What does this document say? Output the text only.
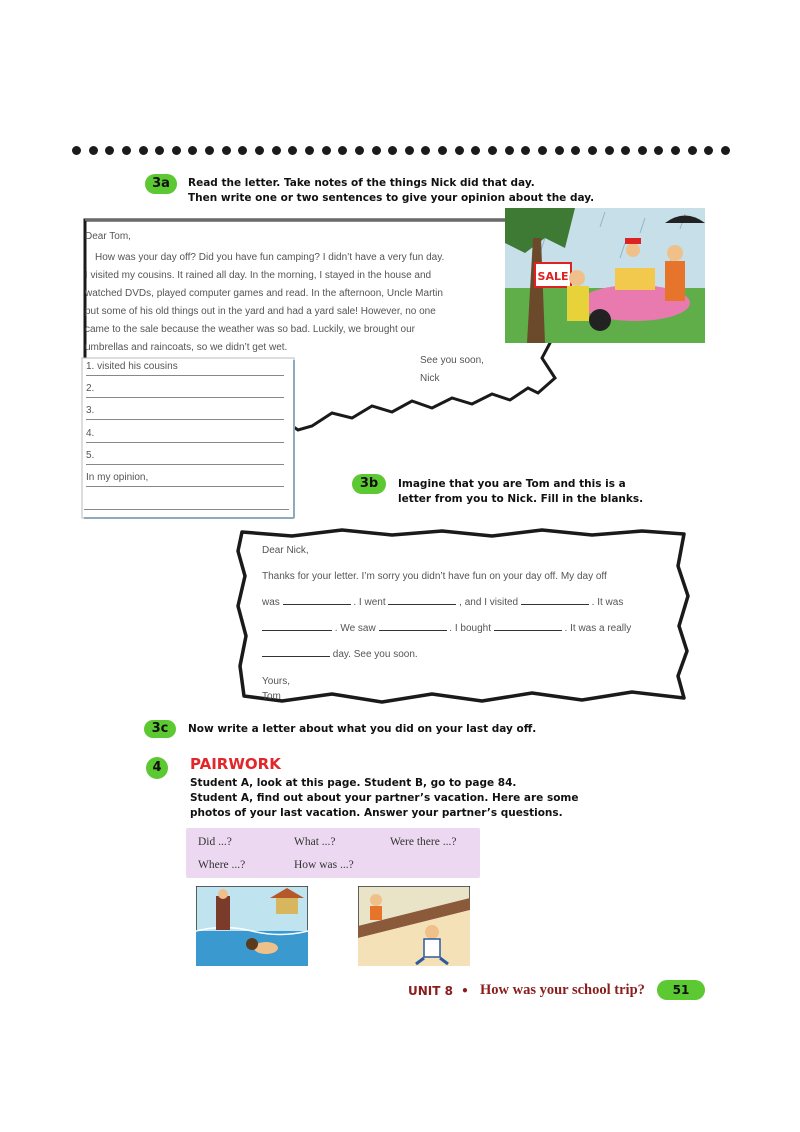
3a	Read the letter. Take notes of the things Nick did that day.
Then write one or two sentences to give your opinion about the day.
Dear Tom,
How was your day off? Did you have fun camping? I didn’t have a very fun day.
I visited my cousins. It rained all day. In the morning, I stayed in the house and
watched DVDs, played computer games and read. In the afternoon, Uncle Martin
put some of his old things out in the yard and had a yard sale! However, no one
came to the sale because the weather was so bad. Luckily, we brought our
umbrellas and raincoats, so we didn’t get wet.
See you soon,
Nick
SALE
1. visited his cousins
2.
3.
4.
5.
In my opinion,	3b	Imagine that you are Tom and this is a
letter from you to Nick. Fill in the blanks.
Dear Nick,
Thanks for your letter. I’m sorry you didn’t have fun on your day off. My day off
was	. I went	, and I visited	. It was
. We saw	. I bought	. It was a really
day. See you soon.
Yours,
Tom
3c	Now write a letter about what you did on your last day off.
4	PAIRWORK
Student A, look at this page. Student B, go to page 84.
Student A, find out about your partner’s vacation. Here are some
photos of your last vacation. Answer your partner’s questions.
Did ...?	What ...?	Were there ...?
Where ...?	How was ...?
UNIT 8 • How was your school trip?	51
